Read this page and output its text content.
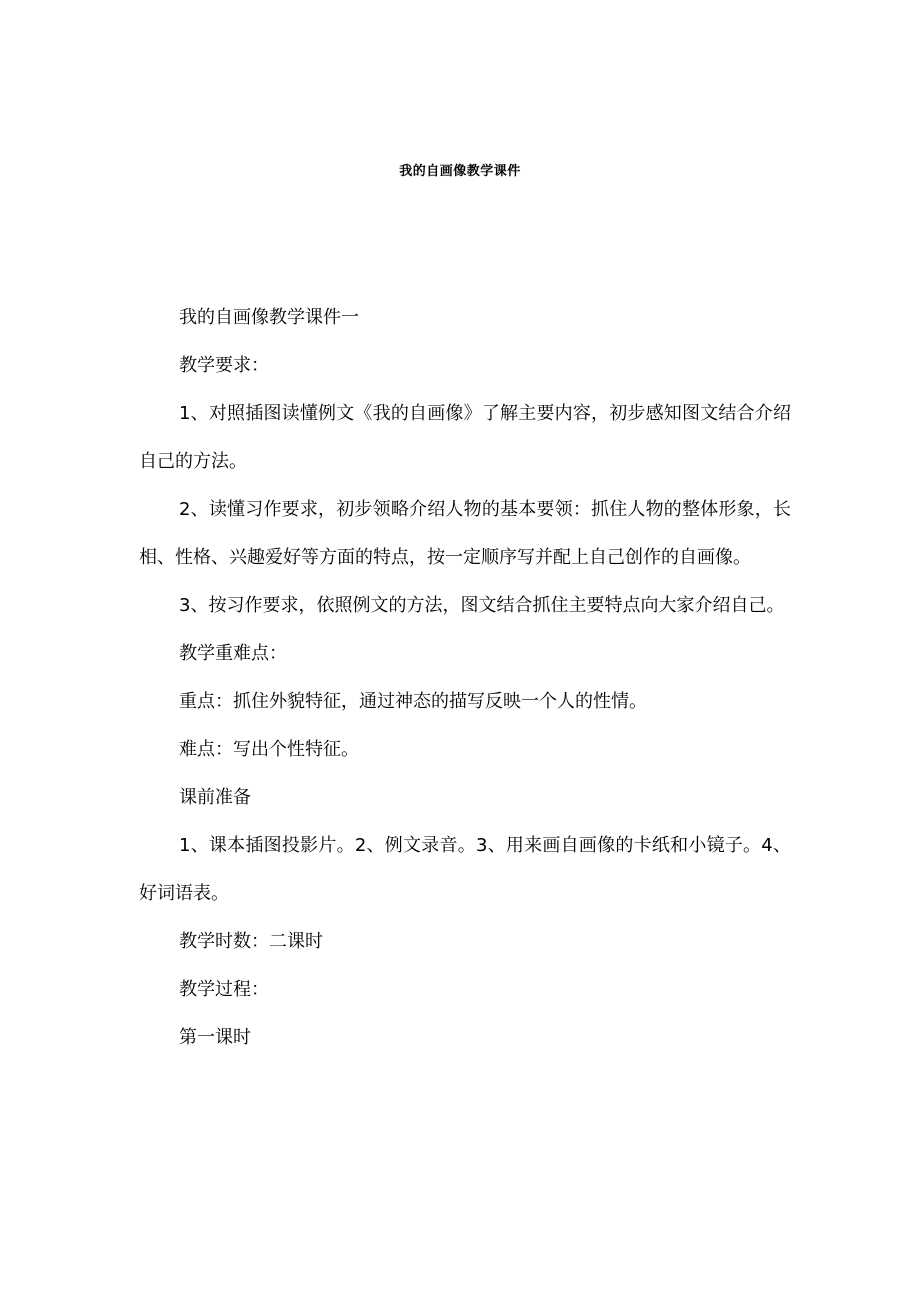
我的自画像教学课件

我的自画像教学课件一

教学要求：

1、对照插图读懂例文《我的自画像》了解主要内容，初步感知图文结合介绍自己的方法。

2、读懂习作要求，初步领略介绍人物的基本要领：抓住人物的整体形象，长相、性格、兴趣爱好等方面的特点，按一定顺序写并配上自己创作的自画像。

3、按习作要求，依照例文的方法，图文结合抓住主要特点向大家介绍自己。

教学重难点：

重点：抓住外貌特征，通过神态的描写反映一个人的性情。

难点：写出个性特征。

课前准备

1、课本插图投影片。2、例文录音。3、用来画自画像的卡纸和小镜子。4、好词语表。

教学时数：二课时

教学过程：

第一课时
